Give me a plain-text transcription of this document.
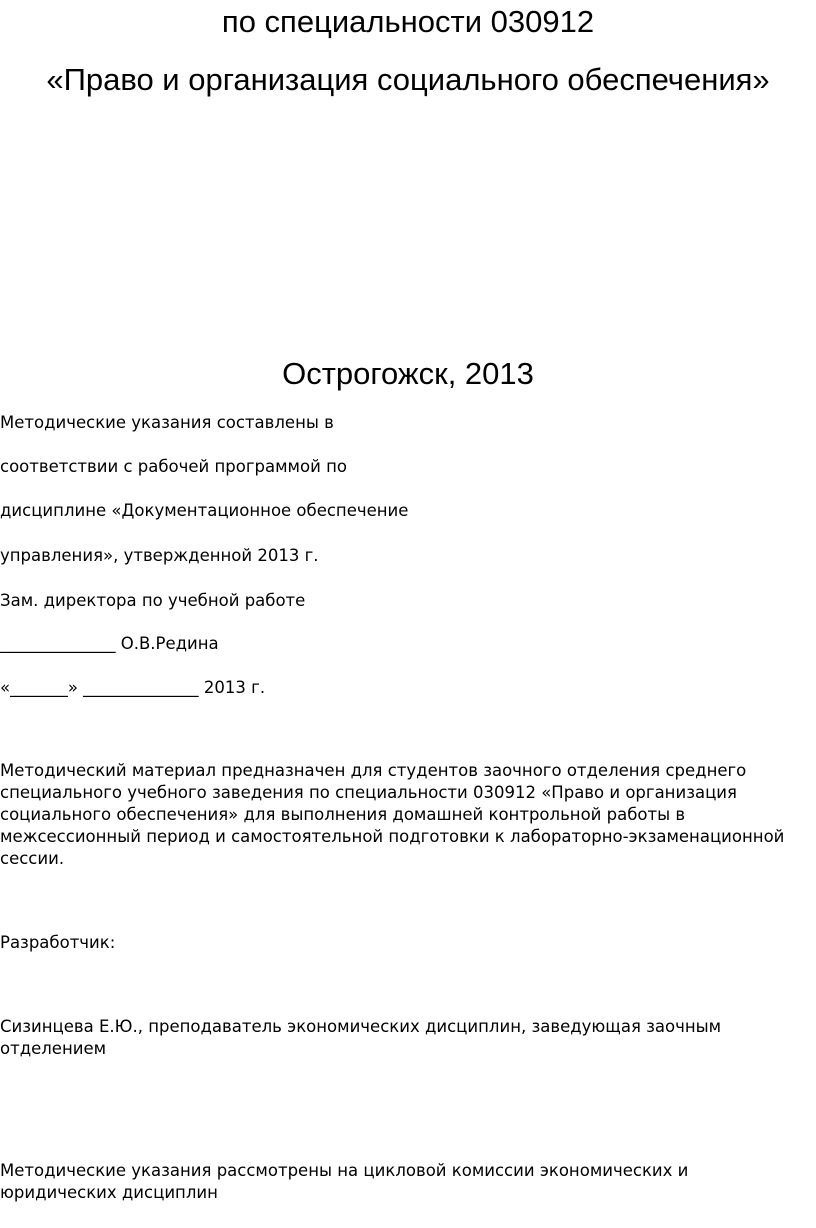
по специальности 030912
«Право и организация социального обеспечения»
Острогожск, 2013
Методические указания составлены в
соответствии с рабочей программой по
дисциплине «Документационное обеспечение
управления», утвержденной 2013 г.
Зам. директора по учебной работе
______________ О.В.Редина
«_______» ______________ 2013 г.
Методический материал предназначен для студентов заочного отделения среднего специального учебного заведения по специальности 030912 «Право и организация социального обеспечения» для выполнения домашней контрольной работы в межсессионный период и самостоятельной подготовки к лабораторно-экзаменационной сессии.
Разработчик:
Сизинцева Е.Ю., преподаватель экономических дисциплин, заведующая заочным отделением
Методические указания рассмотрены на цикловой комиссии экономических и юридических дисциплин
